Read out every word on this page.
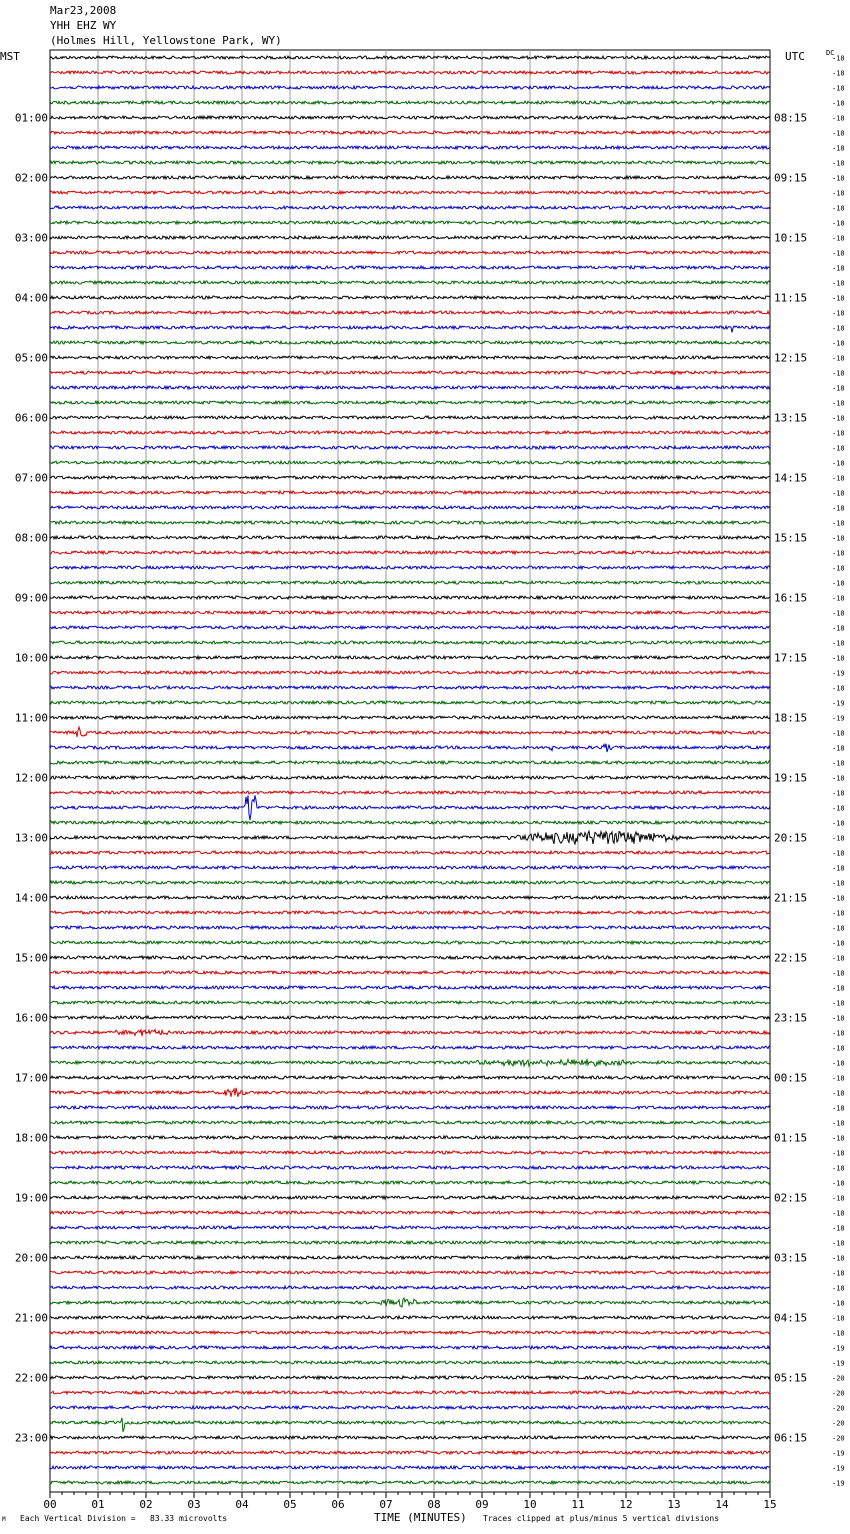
Mar23,2008
YHH EHZ WY
(Holmes Hill, Yellowstone Park, WY)
MST	UTC	DC
Each Vertical Division =   83.33 microvolts	TIME (MINUTES) Traces clipped at plus/minus 5 vertical divisions
M
-18
-18
-18
-18
-18
-18
-18
-18
-18
-18
-18
-18
-18
-18
-18
-18
-18
-18
-18
-18
-18
-18
-18
-18
-18
-18
-18
-18
-18
-18
-18
-18
-18
-18
-18
-18
-18
-18
-18
-18
-18
-19
-18
-19
-19
-18
-18
-18
-18
-18
-18
-18
-18
-18
-18
-18
-18
-18
-18
-18
-18
-18
-18
-18
-18
-18
-18
-18
-18
-18
-18
-18
-18
-18
-18
-18
-18
-18
-18
-18
-18
-18
-18
-18
-18
-18
-19
-19
-20
-20
-20
-20
-20
-19
-19
-19
01:00
02:00
03:00
04:00
05:00
06:00
07:00
08:00
09:00
10:00
11:00
12:00
13:00
14:00
15:00
16:00
17:00
18:00
19:00
20:00
21:00
22:00
23:00
08:15
09:15
10:15
11:15
12:15
13:15
14:15
15:15
16:15
17:15
18:15
19:15
20:15
21:15
22:15
23:15
00:15
01:15
02:15
03:15
04:15
05:15
06:15
00	01	02	03	04	05	06	07	08	09	10	11	12	13	14	15
